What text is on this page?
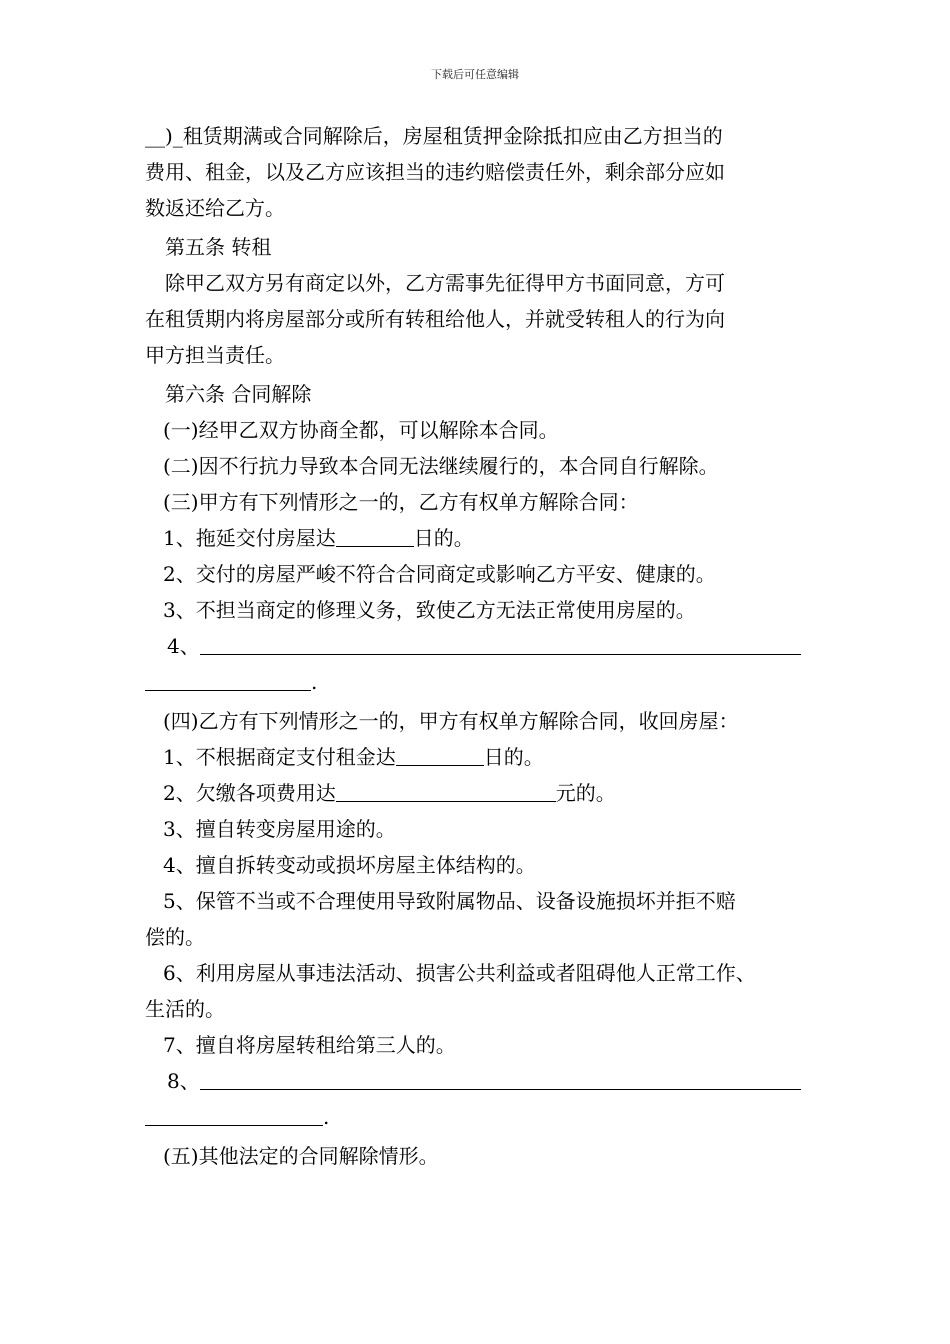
下载后可任意编辑
__)_租赁期满或合同解除后，房屋租赁押金除抵扣应由乙方担当的
费用、租金，以及乙方应该担当的违约赔偿责任外，剩余部分应如
数返还给乙方。
第五条 转租
除甲乙双方另有商定以外，乙方需事先征得甲方书面同意，方可
在租赁期内将房屋部分或所有转租给他人，并就受转租人的行为向
甲方担当责任。
第六条 合同解除
(一)经甲乙双方协商全都，可以解除本合同。
(二)因不行抗力导致本合同无法继续履行的，本合同自行解除。
(三)甲方有下列情形之一的，乙方有权单方解除合同：
1、拖延交付房屋达	日的。
2、交付的房屋严峻不符合合同商定或影响乙方平安、健康的。
3、不担当商定的修理义务，致使乙方无法正常使用房屋的。
4、
.
(四)乙方有下列情形之一的，甲方有权单方解除合同，收回房屋：
1、不根据商定支付租金达	日的。
2、欠缴各项费用达	元的。
3、擅自转变房屋用途的。
4、擅自拆转变动或损坏房屋主体结构的。
5、保管不当或不合理使用导致附属物品、设备设施损坏并拒不赔
偿的。
6、利用房屋从事违法活动、损害公共利益或者阻碍他人正常工作、
生活的。
7、擅自将房屋转租给第三人的。
8、
.
(五)其他法定的合同解除情形。
